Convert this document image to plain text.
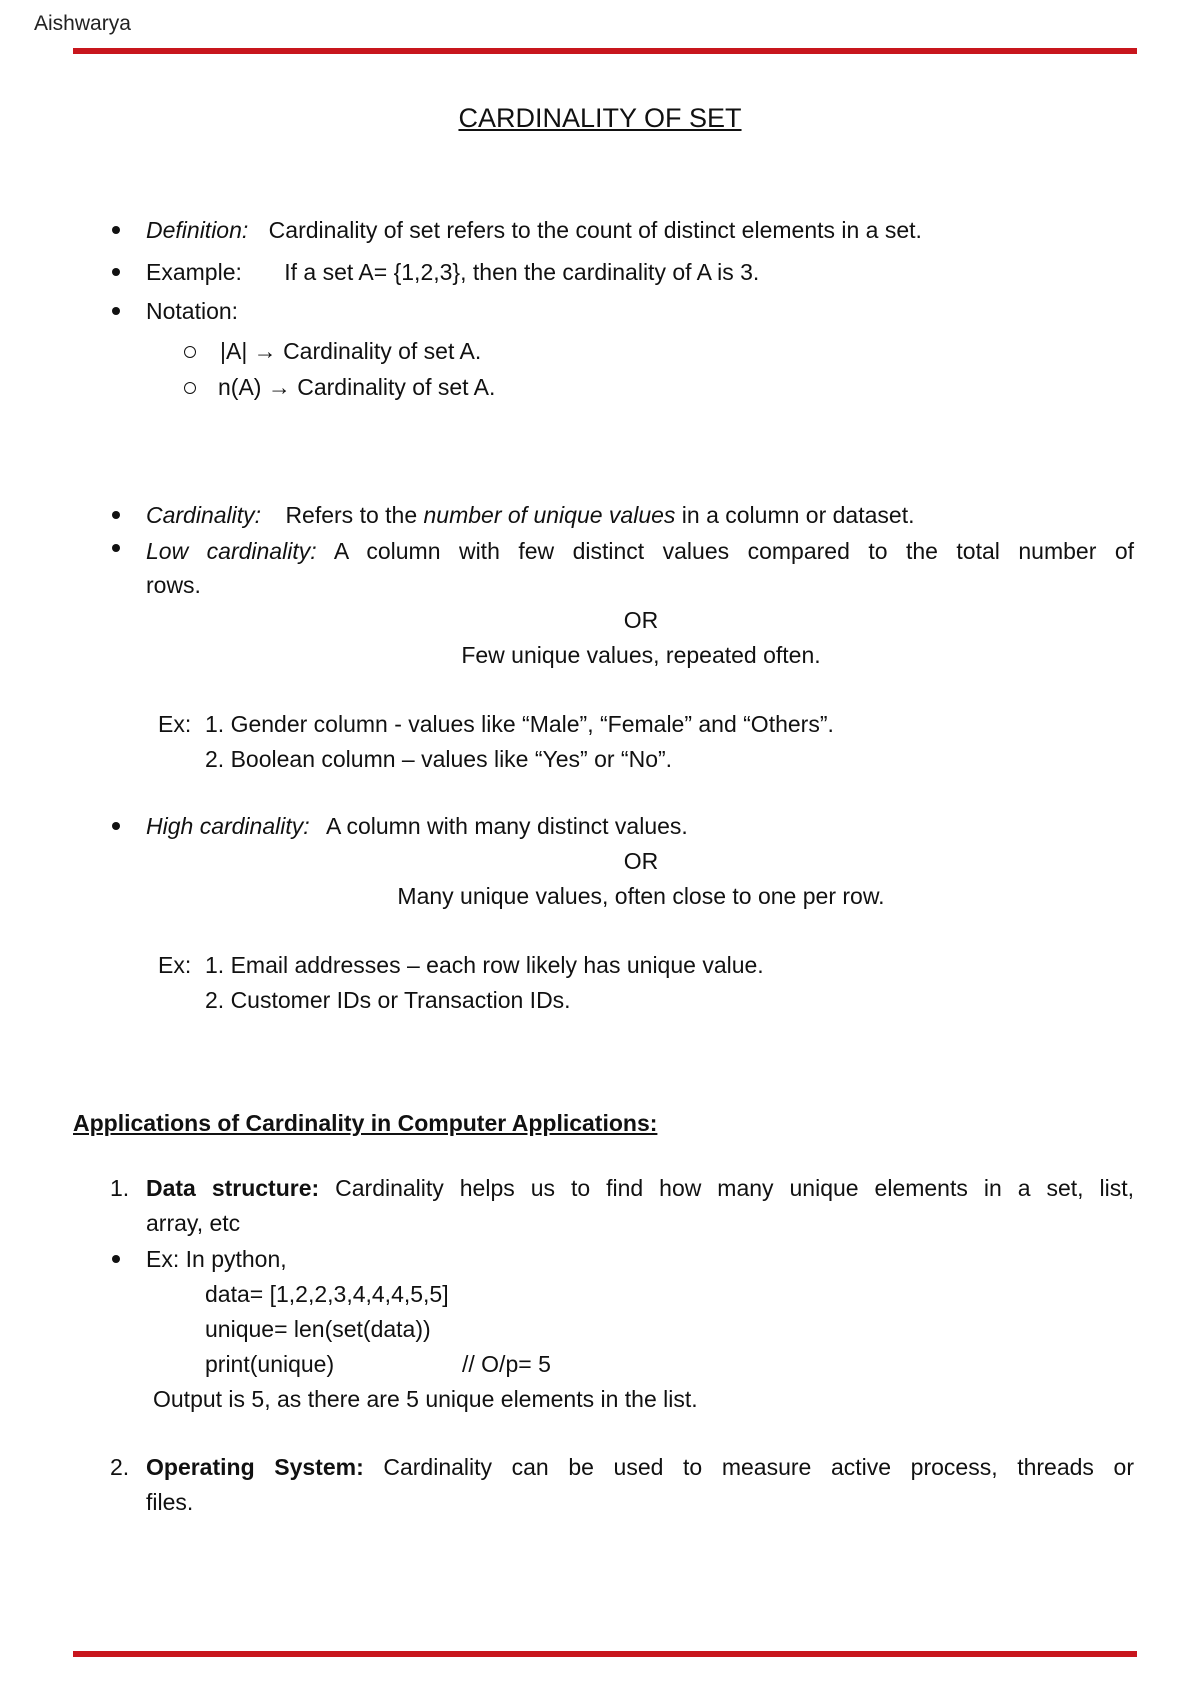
Aishwarya
CARDINALITY OF SET
Definition: Cardinality of set refers to the count of distinct elements in a set.
Example: If a set A= {1,2,3}, then the cardinality of A is 3.
Notation:
|A| → Cardinality of set A.
n(A) → Cardinality of set A.
Cardinality: Refers to the number of unique values in a column or dataset.
Low cardinality: A column with few distinct values compared to the total number of
rows.
OR
Few unique values, repeated often.
Ex: 1. Gender column - values like “Male”, “Female” and “Others”.
2. Boolean column – values like “Yes” or “No”.
High cardinality: A column with many distinct values.
OR
Many unique values, often close to one per row.
Ex: 1. Email addresses – each row likely has unique value.
2. Customer IDs or Transaction IDs.
Applications of Cardinality in Computer Applications:
1. Data structure: Cardinality helps us to find how many unique elements in a set, list,
array, etc
Ex: In python,
data= [1,2,2,3,4,4,4,5,5]
unique= len(set(data))
print(unique)	// O/p= 5
Output is 5, as there are 5 unique elements in the list.
2. Operating System: Cardinality can be used to measure active process, threads or
files.
